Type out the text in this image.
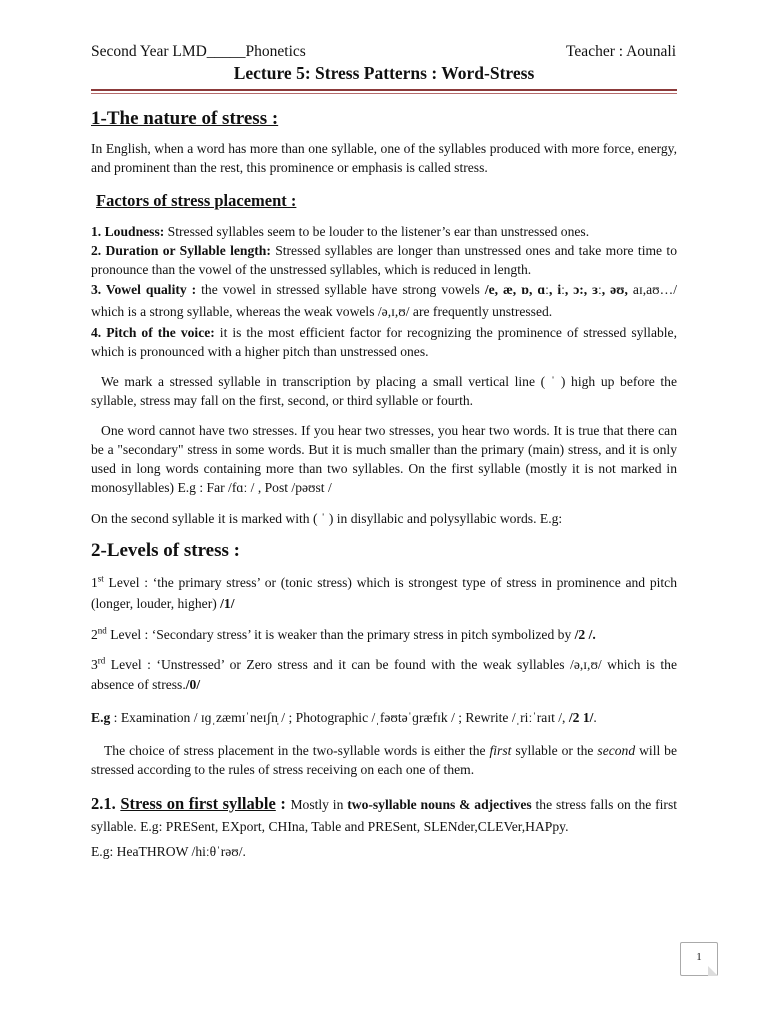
Second Year LMD_____Phonetics	Teacher : Aounali
Lecture 5: Stress Patterns : Word-Stress
1-The nature of stress :

In English, when a word has more than one syllable, one of the syllables produced with more force, energy, and prominent than the rest, this prominence or emphasis is called stress.

Factors of stress placement :

1. Loudness: Stressed syllables seem to be louder to the listener’s ear than unstressed ones.

2. Duration or Syllable length: Stressed syllables are longer than unstressed ones and take more time to pronounce than the vowel of the unstressed syllables, which is reduced in length.

3. Vowel quality : the vowel in stressed syllable have strong vowels /e, æ, ɒ, ɑː, iː, ɔ:, ɜː, əʊ, aɪ,aʊ…/ which is a strong syllable, whereas the weak vowels /ə,ɪ,ʊ/ are frequently unstressed.

4. Pitch of the voice: it is the most efficient factor for recognizing the prominence of stressed syllable, which is pronounced with a higher pitch than unstressed ones.

We mark a stressed syllable in transcription by placing a small vertical line ( ˈ ) high up before the syllable, stress may fall on the first, second, or third syllable or fourth.

One word cannot have two stresses. If you hear two stresses, you hear two words. It is true that there can be a "secondary" stress in some words. But it is much smaller than the primary (main) stress, and it is only used in long words containing more than two syllables. On the first syllable (mostly it is not marked in monosyllables) E.g : Far /fɑː / , Post /pəʊst /

On the second syllable it is marked with ( ˈ ) in disyllabic and polysyllabic words. E.g:

2-Levels of stress :

1st Level : ‘the primary stress’ or (tonic stress) which is strongest type of stress in prominence and pitch (longer, louder, higher) /1/

2nd Level : ‘Secondary stress’ it is weaker than the primary stress in pitch symbolized by /2 /.

3rd Level : ‘Unstressed’ or Zero stress and it can be found with the weak syllables /ə,ɪ,ʊ/ which is the absence of stress./0/

E.g : Examination / ɪɡˌzæmɪˈneɪʃn̩ / ; Photographic /ˌfəʊtəˈɡræfɪk / ; Rewrite /ˌriːˈraɪt /, /2 1/.

The choice of stress placement in the two-syllable words is either the first syllable or the second will be stressed according to the rules of stress receiving on each one of them.

2.1. Stress on first syllable : Mostly in two-syllable nouns & adjectives the stress falls on the first syllable. E.g: PRESent, EXport, CHIna, Table and PRESent, SLENder,CLEVer,HAPpy.

E.g: HeaTHROW /hiːθˈrəʊ/.

1
